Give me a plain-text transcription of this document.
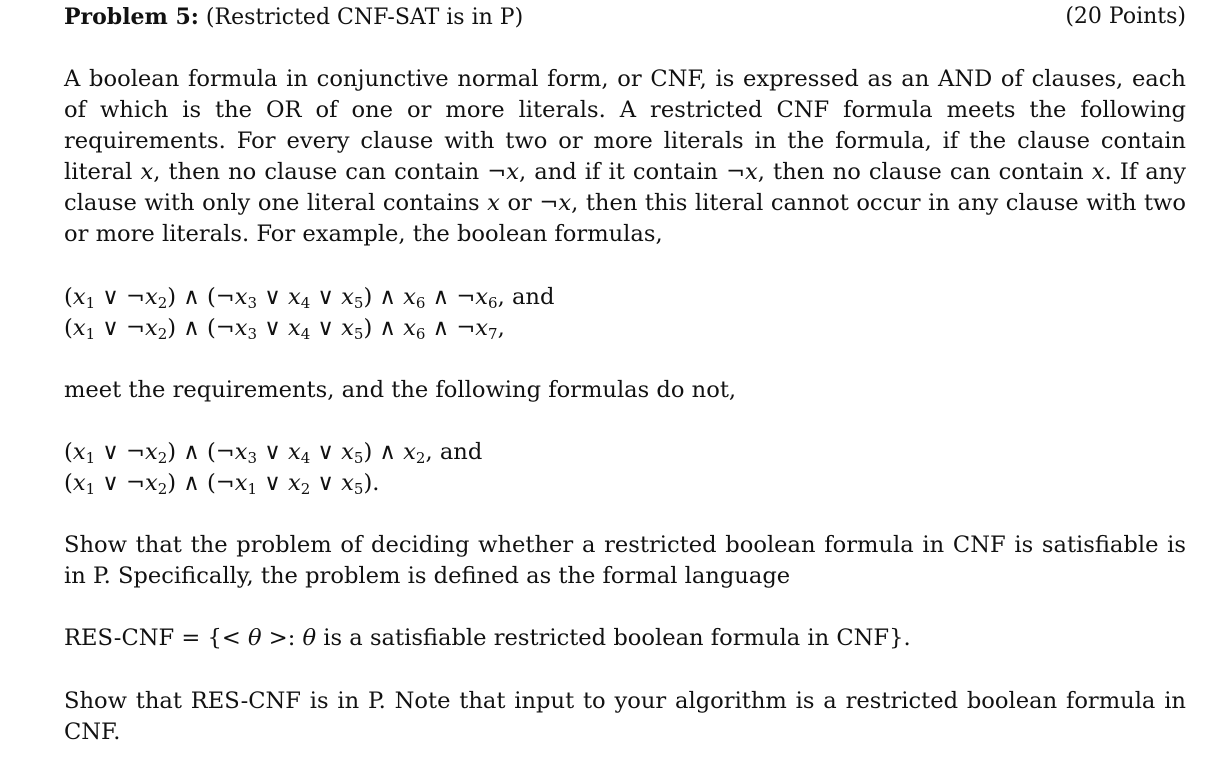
Problem 5: (Restricted CNF-SAT is in P)	(20 Points)
A boolean formula in conjunctive normal form, or CNF, is expressed as an AND of clauses, each of which is the OR of one or more literals. A restricted CNF formula meets the following requirements. For every clause with two or more literals in the formula, if the clause contain literal x, then no clause can contain ¬x, and if it contain ¬x, then no clause can contain x. If any clause with only one literal contains x or ¬x, then this literal cannot occur in any clause with two or more literals. For example, the boolean formulas,
($x_1$ ∨ $\neg x_2$) ∧ ($\neg x_3$ ∨ $x_4$ ∨ $x_5$) ∧ $x_6$ ∧ $\neg x_6$, and
($x_1$ ∨ $\neg x_2$) ∧ ($\neg x_3$ ∨ $x_4$ ∨ $x_5$) ∧ $x_6$ ∧ $\neg x_7$,
meet the requirements, and the following formulas do not,
($x_1$ ∨ $\neg x_2$) ∧ ($\neg x_3$ ∨ $x_4$ ∨ $x_5$) ∧ $x_2$, and
($x_1$ ∨ $\neg x_2$) ∧ ($\neg x_1$ ∨ $x_2$ ∨ $x_5$).
Show that the problem of deciding whether a restricted boolean formula in CNF is satisfiable is in P. Specifically, the problem is defined as the formal language
RES-CNF = {< θ >: θ is a satisfiable restricted boolean formula in CNF}.
Show that RES-CNF is in P. Note that input to your algorithm is a restricted boolean formula in CNF.
